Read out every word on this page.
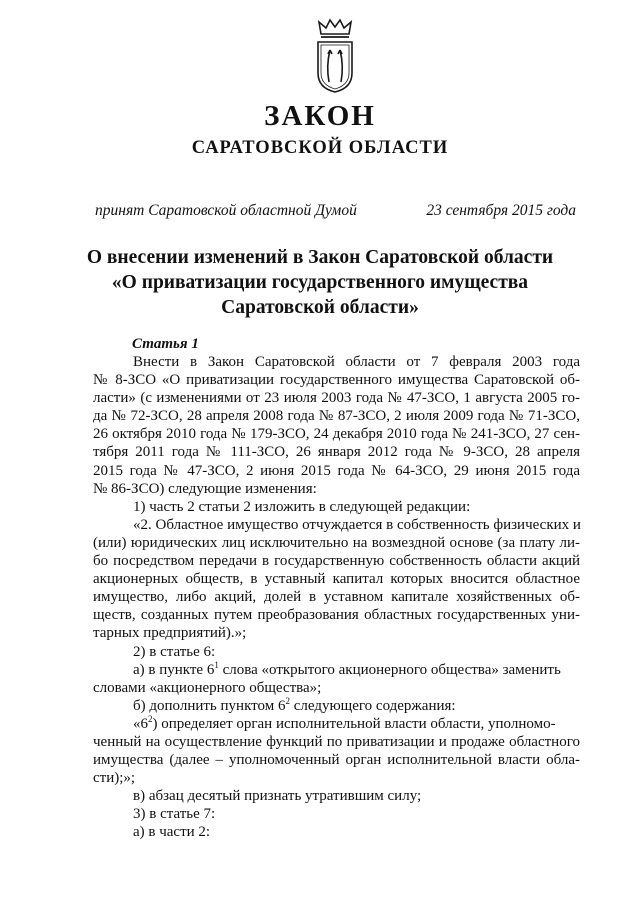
ЗАКОН
САРАТОВСКОЙ ОБЛАСТИ
принят Саратовской областной Думой	23 сентября 2015 года
О внесении изменений в Закон Саратовской области
«О приватизации государственного имущества
Саратовской области»
Статья 1
Внести в Закон Саратовской области от 7 февраля 2003 года
№ 8-ЗСО «О приватизации государственного имущества Саратовской об-
ласти» (с изменениями от 23 июля 2003 года № 47-ЗСО, 1 августа 2005 го-
да № 72-ЗСО, 28 апреля 2008 года № 87-ЗСО, 2 июля 2009 года № 71-ЗСО,
26 октября 2010 года № 179-ЗСО, 24 декабря 2010 года № 241-ЗСО, 27 сен-
тября 2011 года № 111-ЗСО, 26 января 2012 года № 9-ЗСО, 28 апреля
2015 года № 47-ЗСО, 2 июня 2015 года № 64-ЗСО, 29 июня 2015 года
№ 86-ЗСО) следующие изменения:
1) часть 2 статьи 2 изложить в следующей редакции:
«2. Областное имущество отчуждается в собственность физических и
(или) юридических лиц исключительно на возмездной основе (за плату ли-
бо посредством передачи в государственную собственность области акций
акционерных обществ, в уставный капитал которых вносится областное
имущество, либо акций, долей в уставном капитале хозяйственных об-
ществ, созданных путем преобразования областных государственных уни-
тарных предприятий).»;
2) в статье 6:
а) в пункте $6^1$ слова «открытого акционерного общества» заменить
словами «акционерного общества»;
б) дополнить пунктом $6^2$ следующего содержания:
«$6^2$) определяет орган исполнительной власти области, уполномо-
ченный на осуществление функций по приватизации и продаже областного
имущества (далее – уполномоченный орган исполнительной власти обла-
сти);»;
в) абзац десятый признать утратившим силу;
3) в статье 7:
а) в части 2:
